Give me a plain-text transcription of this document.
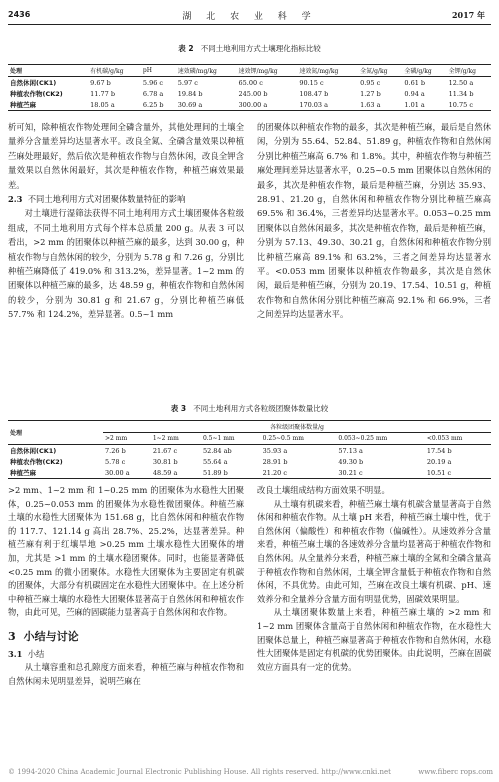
2436	湖 北 农 业 科 学	2017 年
表 2 不同土地利用方式土壤理化指标比较
处理	有机碳/g/kg	pH	速效磷/mg/kg	速效钾/mg/kg	速效氮/mg/kg	全氮/g/kg	全磷/g/kg	全钾/g/kg
自然休闲(CK1)	9.67 b	5.96 c	5.97 c	65.00 c	90.15 c	0.95 c	0.61 b	12.50 a
种植农作物(CK2)	11.77 b	6.78 a	19.84 b	245.00 b	108.47 b	1.27 b	0.94 a	11.34 b
种植苎麻	18.05 a	6.25 b	30.69 a	300.00 a	170.03 a	1.63 a	1.01 a	10.75 c

析可知，除种植农作物处理间全磷含量外，其他处理间的土壤全量养分含量差异均达显著水平。改良全氮、全磷含量效果以种植苎麻处理最好，然后依次是种植农作物与自然休闲，改良全钾含量效果以自然休闲最好，其次是种植农作物，种植苎麻效果最差。

2.3 不同土地利用方式对团聚体数量特征的影响

对土壤进行湿筛法获得不同土地利用方式土壤团聚体各粒级组成，不同土地利用方式每个样本总质量 200 g。从表 3 可以看出，>2 mm 的团聚体以种植苎麻的最多，达到 30.00 g，种植农作物与自然休闲的较少，分别为 5.78 g 和 7.26 g，分别比种植苎麻降低了 419.0% 和 313.2%，差异显著。1~2 mm 的团聚体以种植苎麻的最多，达 48.59 g，种植农作物和自然休闲的较少，分别为 30.81 g 和 21.67 g，分别比种植苎麻低 57.7% 和 124.2%，差异显著。0.5~1 mm

的团聚体以种植农作物的最多，其次是种植苎麻，最后是自然休闲，分别为 55.64、52.84、51.89 g，种植农作物和自然休闲分别比种植苎麻高 6.7% 和 1.8%。其中，种植农作物与种植苎麻处理间差异达显著水平，0.25~0.5 mm 团聚体以自然休闲的最多，其次是种植农作物，最后是种植苎麻，分别达 35.93、28.91、21.20 g，自然休闲和种植农作物分别比种植苎麻高 69.5% 和 36.4%，三者差异均达显著水平。0.053~0.25 mm 团聚体以自然休闲最多，其次是种植农作物，最后是种植苎麻，分别为 57.13、49.30、30.21 g，自然休闲和种植农作物分别比种植苎麻高 89.1% 和 63.2%，三者之间差异均达显著水平。<0.053 mm 团聚体以种植农作物最多，其次是自然休闲，最后是种植苎麻，分别为 20.19、17.54、10.51 g，种植农作物和自然休闲分别比种植苎麻高 92.1% 和 66.9%，三者之间差异均达显著水平。

表 3 不同土地利用方式各粒级团聚体数量比较
处理	各粒级团聚体数量/g					
	>2 mm	1~2 mm	0.5~1 mm	0.25~0.5 mm	0.053~0.25 mm	<0.053 mm
自然休闲(CK1)	7.26 b	21.67 c	52.84 ab	35.93 a	57.13 a	17.54 b
种植农作物(CK2)	5.78 c	30.81 b	55.64 a	28.91 b	49.30 b	20.19 a
种植苎麻	30.00 a	48.59 a	51.89 b	21.20 c	30.21 c	10.51 c

>2 mm、1~2 mm 和 1~0.25 mm 的团聚体为水稳性大团聚体，0.25~0.053 mm 的团聚体为水稳性微团聚体。种植苎麻土壤的水稳性大团聚体为 151.68 g，比自然休闲和种植农作物的 117.7、121.14 g 高出 28.7%、25.2%，达显著差异。种植苎麻有利于红壤旱地 >0.25 mm 土壤水稳性大团聚体的增加，尤其是 >1 mm 的土壤水稳团聚体。同时，也能显著降低 <0.25 mm 的微小团聚体。水稳性大团聚体为主要固定有机碳的团聚体，大部分有机碳固定在水稳性大团聚体中。在上述分析中种植苎麻土壤的水稳性大团聚体显著高于自然休闲和种植农作物，由此可见，苎麻的固碳能力显著高于自然休闲和农作物。

3 小结与讨论

3.1 小结

从土壤容重和总孔隙度方面来看，种植苎麻与种植农作物和自然休闲未见明显差异，说明苎麻在

改良土壤组成结构方面效果不明显。

从土壤有机碳来看，种植苎麻土壤有机碳含量显著高于自然休闲和种植农作物。从土壤 pH 来看，种植苎麻土壤中性，优于自然休闲（偏酸性）和种植农作物（偏碱性）。从速效养分含量来看，种植苎麻土壤的各速效养分含量均显著高于种植农作物和自然休闲。从全量养分来看，种植苎麻土壤的全氮和全磷含量高于种植农作物和自然休闲，土壤全钾含量低于种植农作物和自然休闲，不具优势。由此可知，苎麻在改良土壤有机碳、pH、速效养分和全量养分含量方面有明显优势，固碳效果明显。

从土壤团聚体数量上来看，种植苎麻土壤的 >2 mm 和 1~2 mm 团聚体含量高于自然休闲和种植农作物，在水稳性大团聚体总量上，种植苎麻显著高于种植农作物和自然休闲，水稳性大团聚体是固定有机碳的优势团聚体。由此说明，苎麻在固碳效应方面具有一定的优势。

© 1994-2020 China Academic Journal Electronic Publishing House. All rights reserved. http://www.cnki.net	www.fiberc rops.com
